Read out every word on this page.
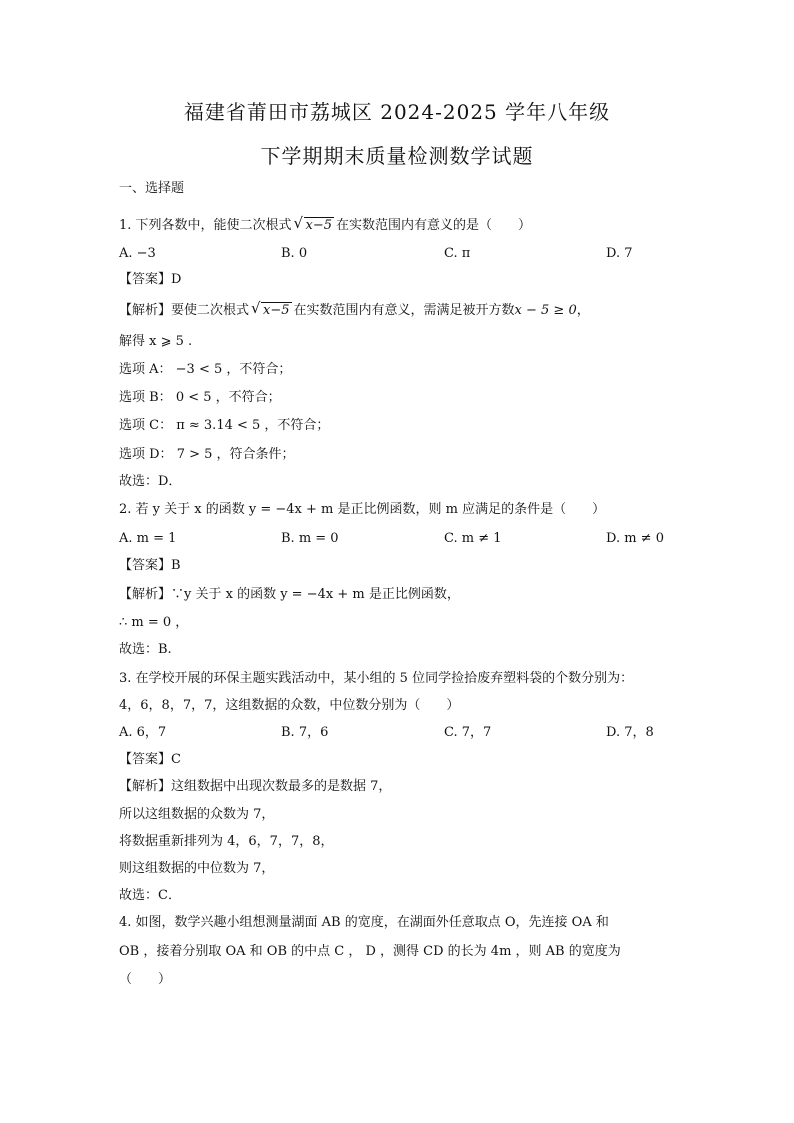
福建省莆田市荔城区 2024-2025 学年八年级
下学期期末质量检测数学试题
一、选择题
1. 下列各数中，能使二次根式 √ x−5 在实数范围内有意义的是（　　）
A. −3	B. 0	C. π	D. 7
【答案】D
【解析】要使二次根式 √ x−5 在实数范围内有意义，需满足被开方数x − 5 ≥ 0，
解得 x ⩾ 5 .
选项 A： −3 < 5 ，不符合；
选项 B： 0 < 5 ，不符合；
选项 C： π ≈ 3.14 < 5 ，不符合；
选项 D： 7 > 5 ，符合条件；
故选：D．
2. 若 y 关于 x 的函数 y = −4x + m 是正比例函数，则 m 应满足的条件是（　　）
A. m = 1	B. m = 0	C. m ≠ 1	D. m ≠ 0
【答案】B
【解析】∵y 关于 x 的函数 y = −4x + m 是正比例函数，
∴ m = 0 ，
故选：B.
3. 在学校开展的环保主题实践活动中，某小组的 5 位同学捡拾废弃塑料袋的个数分别为：
4，6，8，7，7，这组数据的众数，中位数分别为（　　）
A. 6，7	B. 7，6	C. 7，7	D. 7，8
【答案】C
【解析】这组数据中出现次数最多的是数据 7，
所以这组数据的众数为 7，
将数据重新排列为 4，6，7，7，8，
则这组数据的中位数为 7，
故选：C．
4. 如图，数学兴趣小组想测量湖面 AB 的宽度，在湖面外任意取点 O，先连接 OA 和
OB ，接着分别取 OA 和 OB 的中点 C ， D ，测得 CD 的长为 4m ，则 AB 的宽度为
（　　）
